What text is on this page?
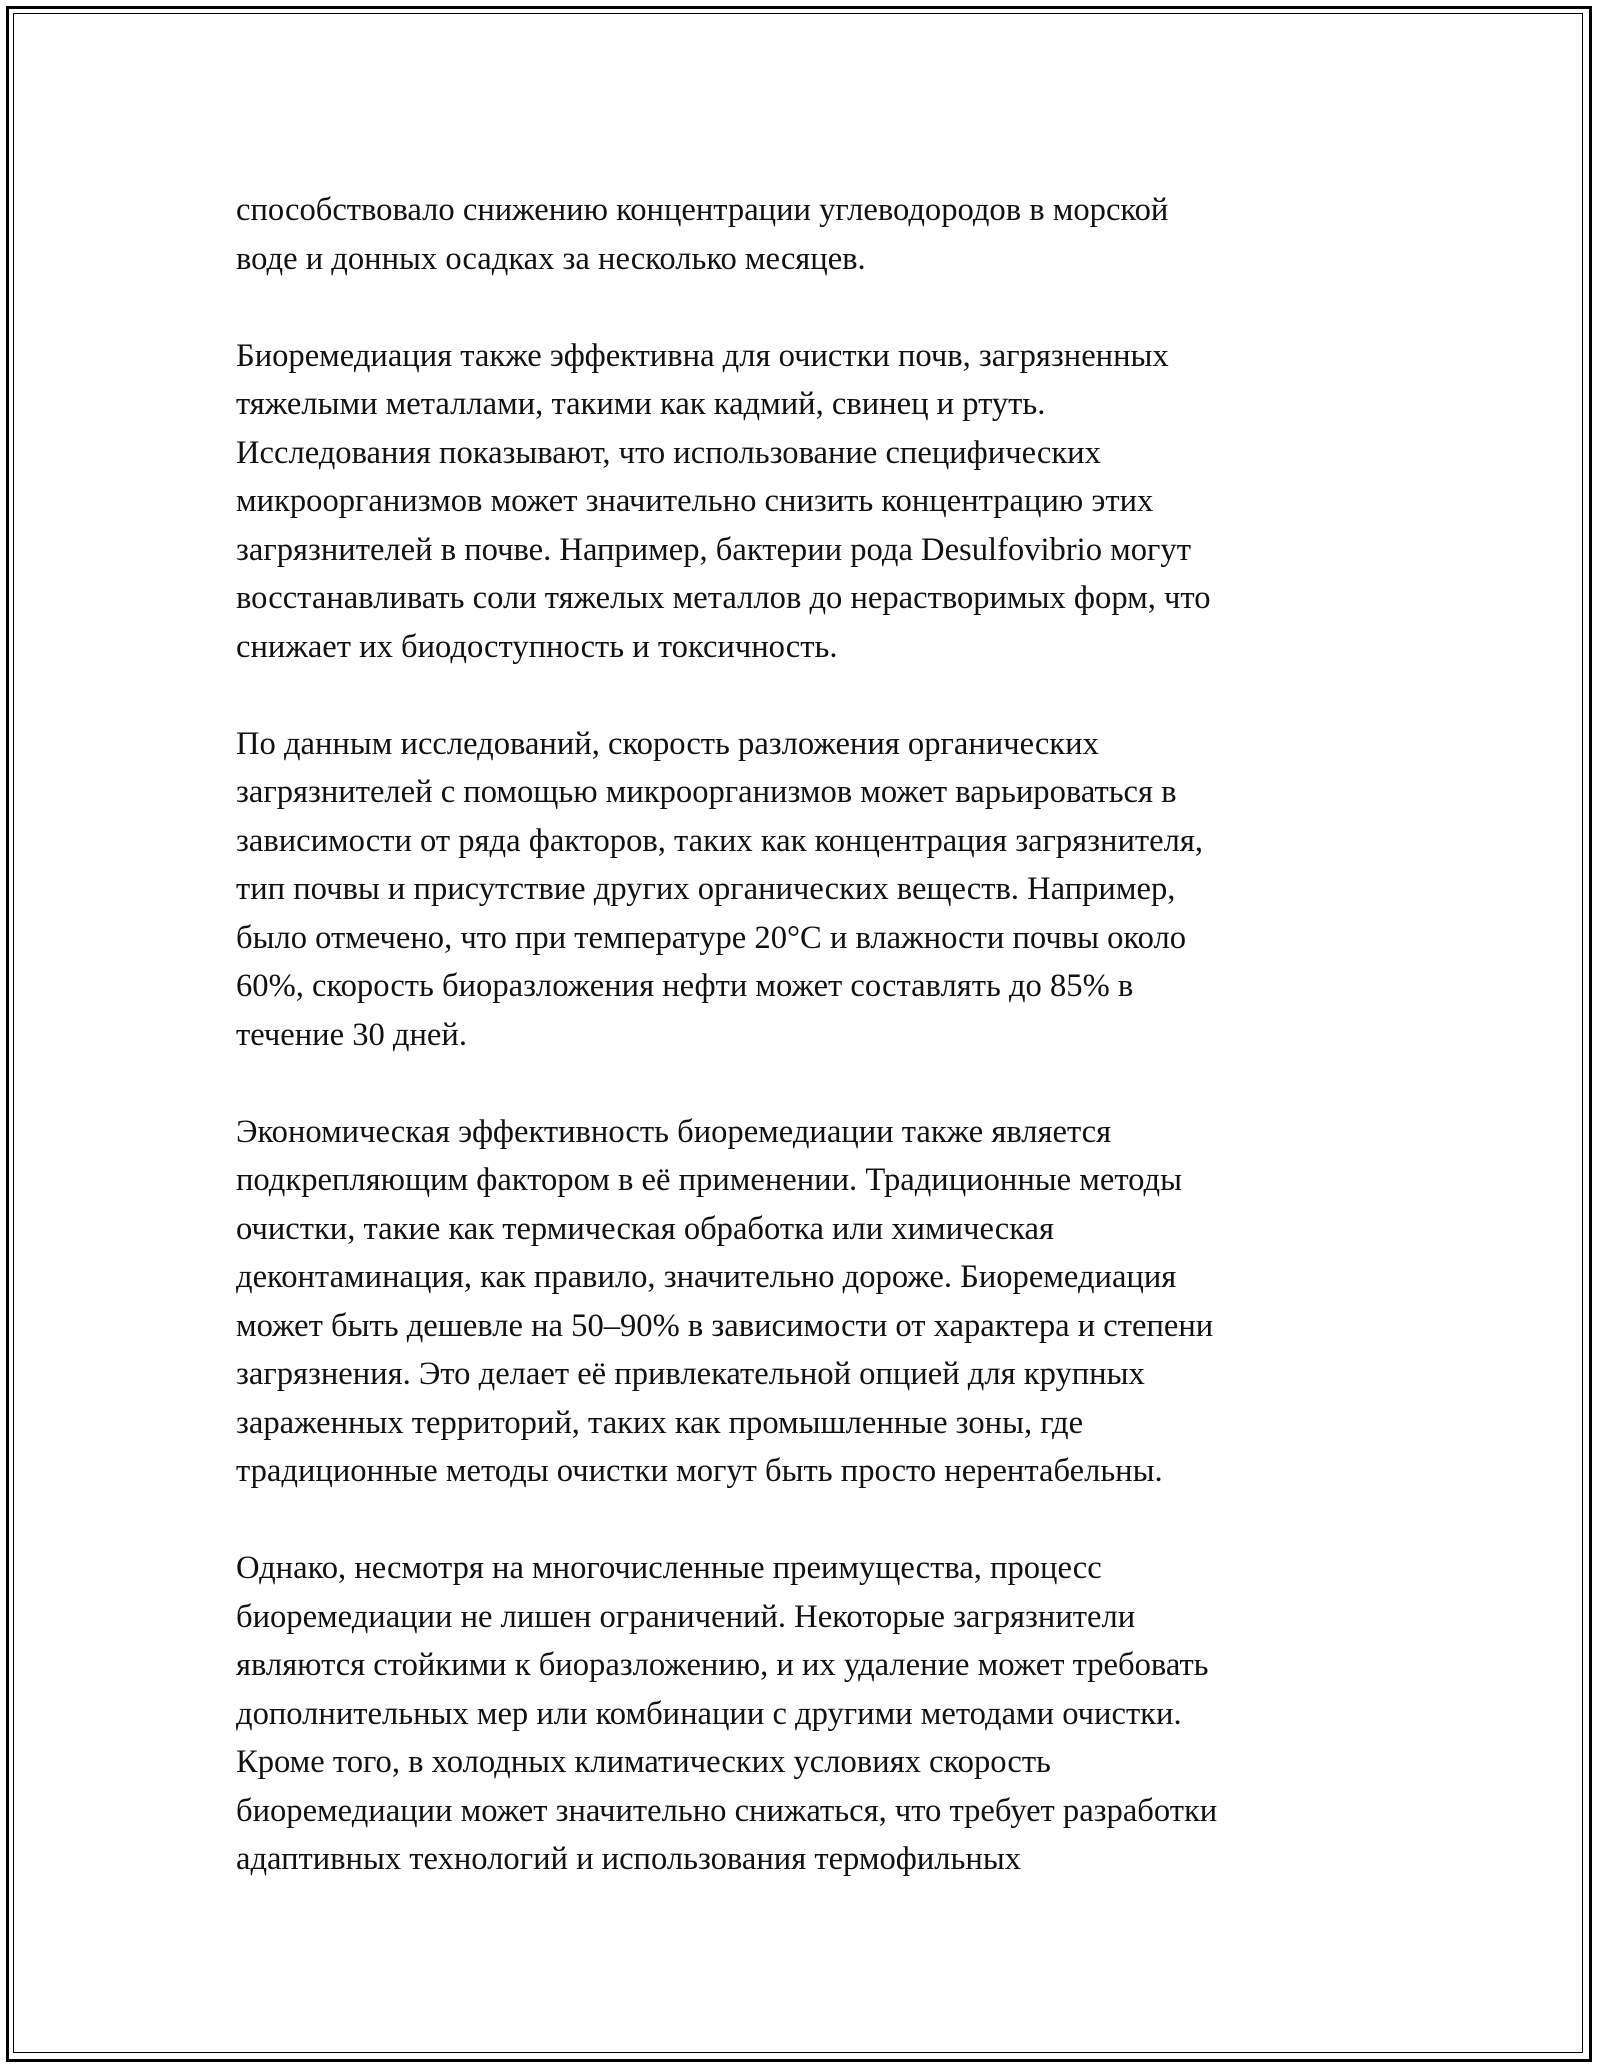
способствовало снижению концентрации углеводородов в морской
воде и донных осадках за несколько месяцев.

Биоремедиация также эффективна для очистки почв, загрязненных
тяжелыми металлами, такими как кадмий, свинец и ртуть.
Исследования показывают, что использование специфических
микроорганизмов может значительно снизить концентрацию этих
загрязнителей в почве. Например, бактерии рода Desulfovibrio могут
восстанавливать соли тяжелых металлов до нерастворимых форм, что
снижает их биодоступность и токсичность.

По данным исследований, скорость разложения органических
загрязнителей с помощью микроорганизмов может варьироваться в
зависимости от ряда факторов, таких как концентрация загрязнителя,
тип почвы и присутствие других органических веществ. Например,
было отмечено, что при температуре 20°C и влажности почвы около
60%, скорость биоразложения нефти может составлять до 85% в
течение 30 дней.

Экономическая эффективность биоремедиации также является
подкрепляющим фактором в её применении. Традиционные методы
очистки, такие как термическая обработка или химическая
деконтаминация, как правило, значительно дороже. Биоремедиация
может быть дешевле на 50–90% в зависимости от характера и степени
загрязнения. Это делает её привлекательной опцией для крупных
зараженных территорий, таких как промышленные зоны, где
традиционные методы очистки могут быть просто нерентабельны.

Однако, несмотря на многочисленные преимущества, процесс
биоремедиации не лишен ограничений. Некоторые загрязнители
являются стойкими к биоразложению, и их удаление может требовать
дополнительных мер или комбинации с другими методами очистки.
Кроме того, в холодных климатических условиях скорость
биоремедиации может значительно снижаться, что требует разработки
адаптивных технологий и использования термофильных
